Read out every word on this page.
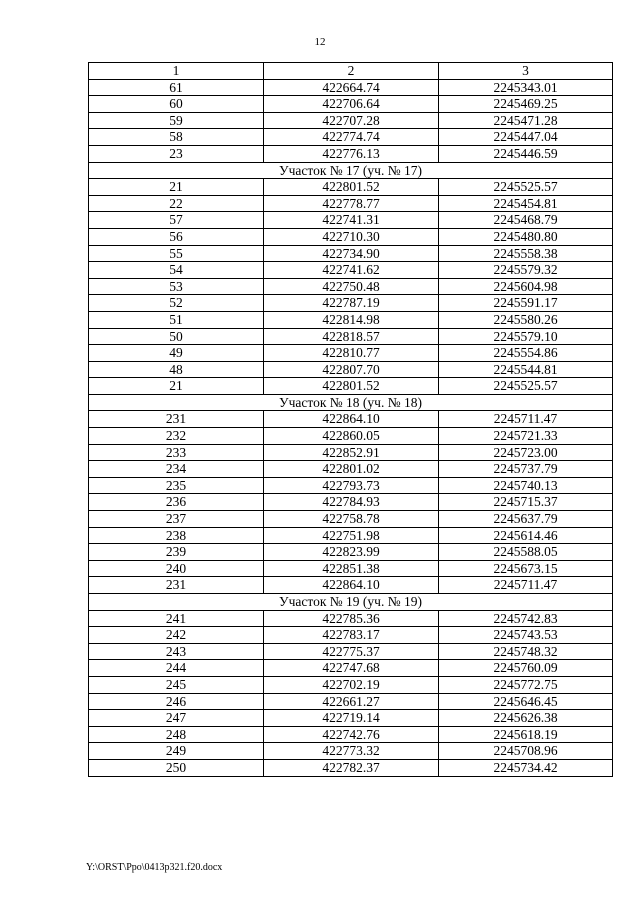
12
1	2	3
61	422664.74	2245343.01
60	422706.64	2245469.25
59	422707.28	2245471.28
58	422774.74	2245447.04
23	422776.13	2245446.59
Участок № 17 (уч. № 17)		
21	422801.52	2245525.57
22	422778.77	2245454.81
57	422741.31	2245468.79
56	422710.30	2245480.80
55	422734.90	2245558.38
54	422741.62	2245579.32
53	422750.48	2245604.98
52	422787.19	2245591.17
51	422814.98	2245580.26
50	422818.57	2245579.10
49	422810.77	2245554.86
48	422807.70	2245544.81
21	422801.52	2245525.57
Участок № 18 (уч. № 18)		
231	422864.10	2245711.47
232	422860.05	2245721.33
233	422852.91	2245723.00
234	422801.02	2245737.79
235	422793.73	2245740.13
236	422784.93	2245715.37
237	422758.78	2245637.79
238	422751.98	2245614.46
239	422823.99	2245588.05
240	422851.38	2245673.15
231	422864.10	2245711.47
Участок № 19 (уч. № 19)		
241	422785.36	2245742.83
242	422783.17	2245743.53
243	422775.37	2245748.32
244	422747.68	2245760.09
245	422702.19	2245772.75
246	422661.27	2245646.45
247	422719.14	2245626.38
248	422742.76	2245618.19
249	422773.32	2245708.96
250	422782.37	2245734.42
Y:\ORST\Ppo\0413p321.f20.docx
